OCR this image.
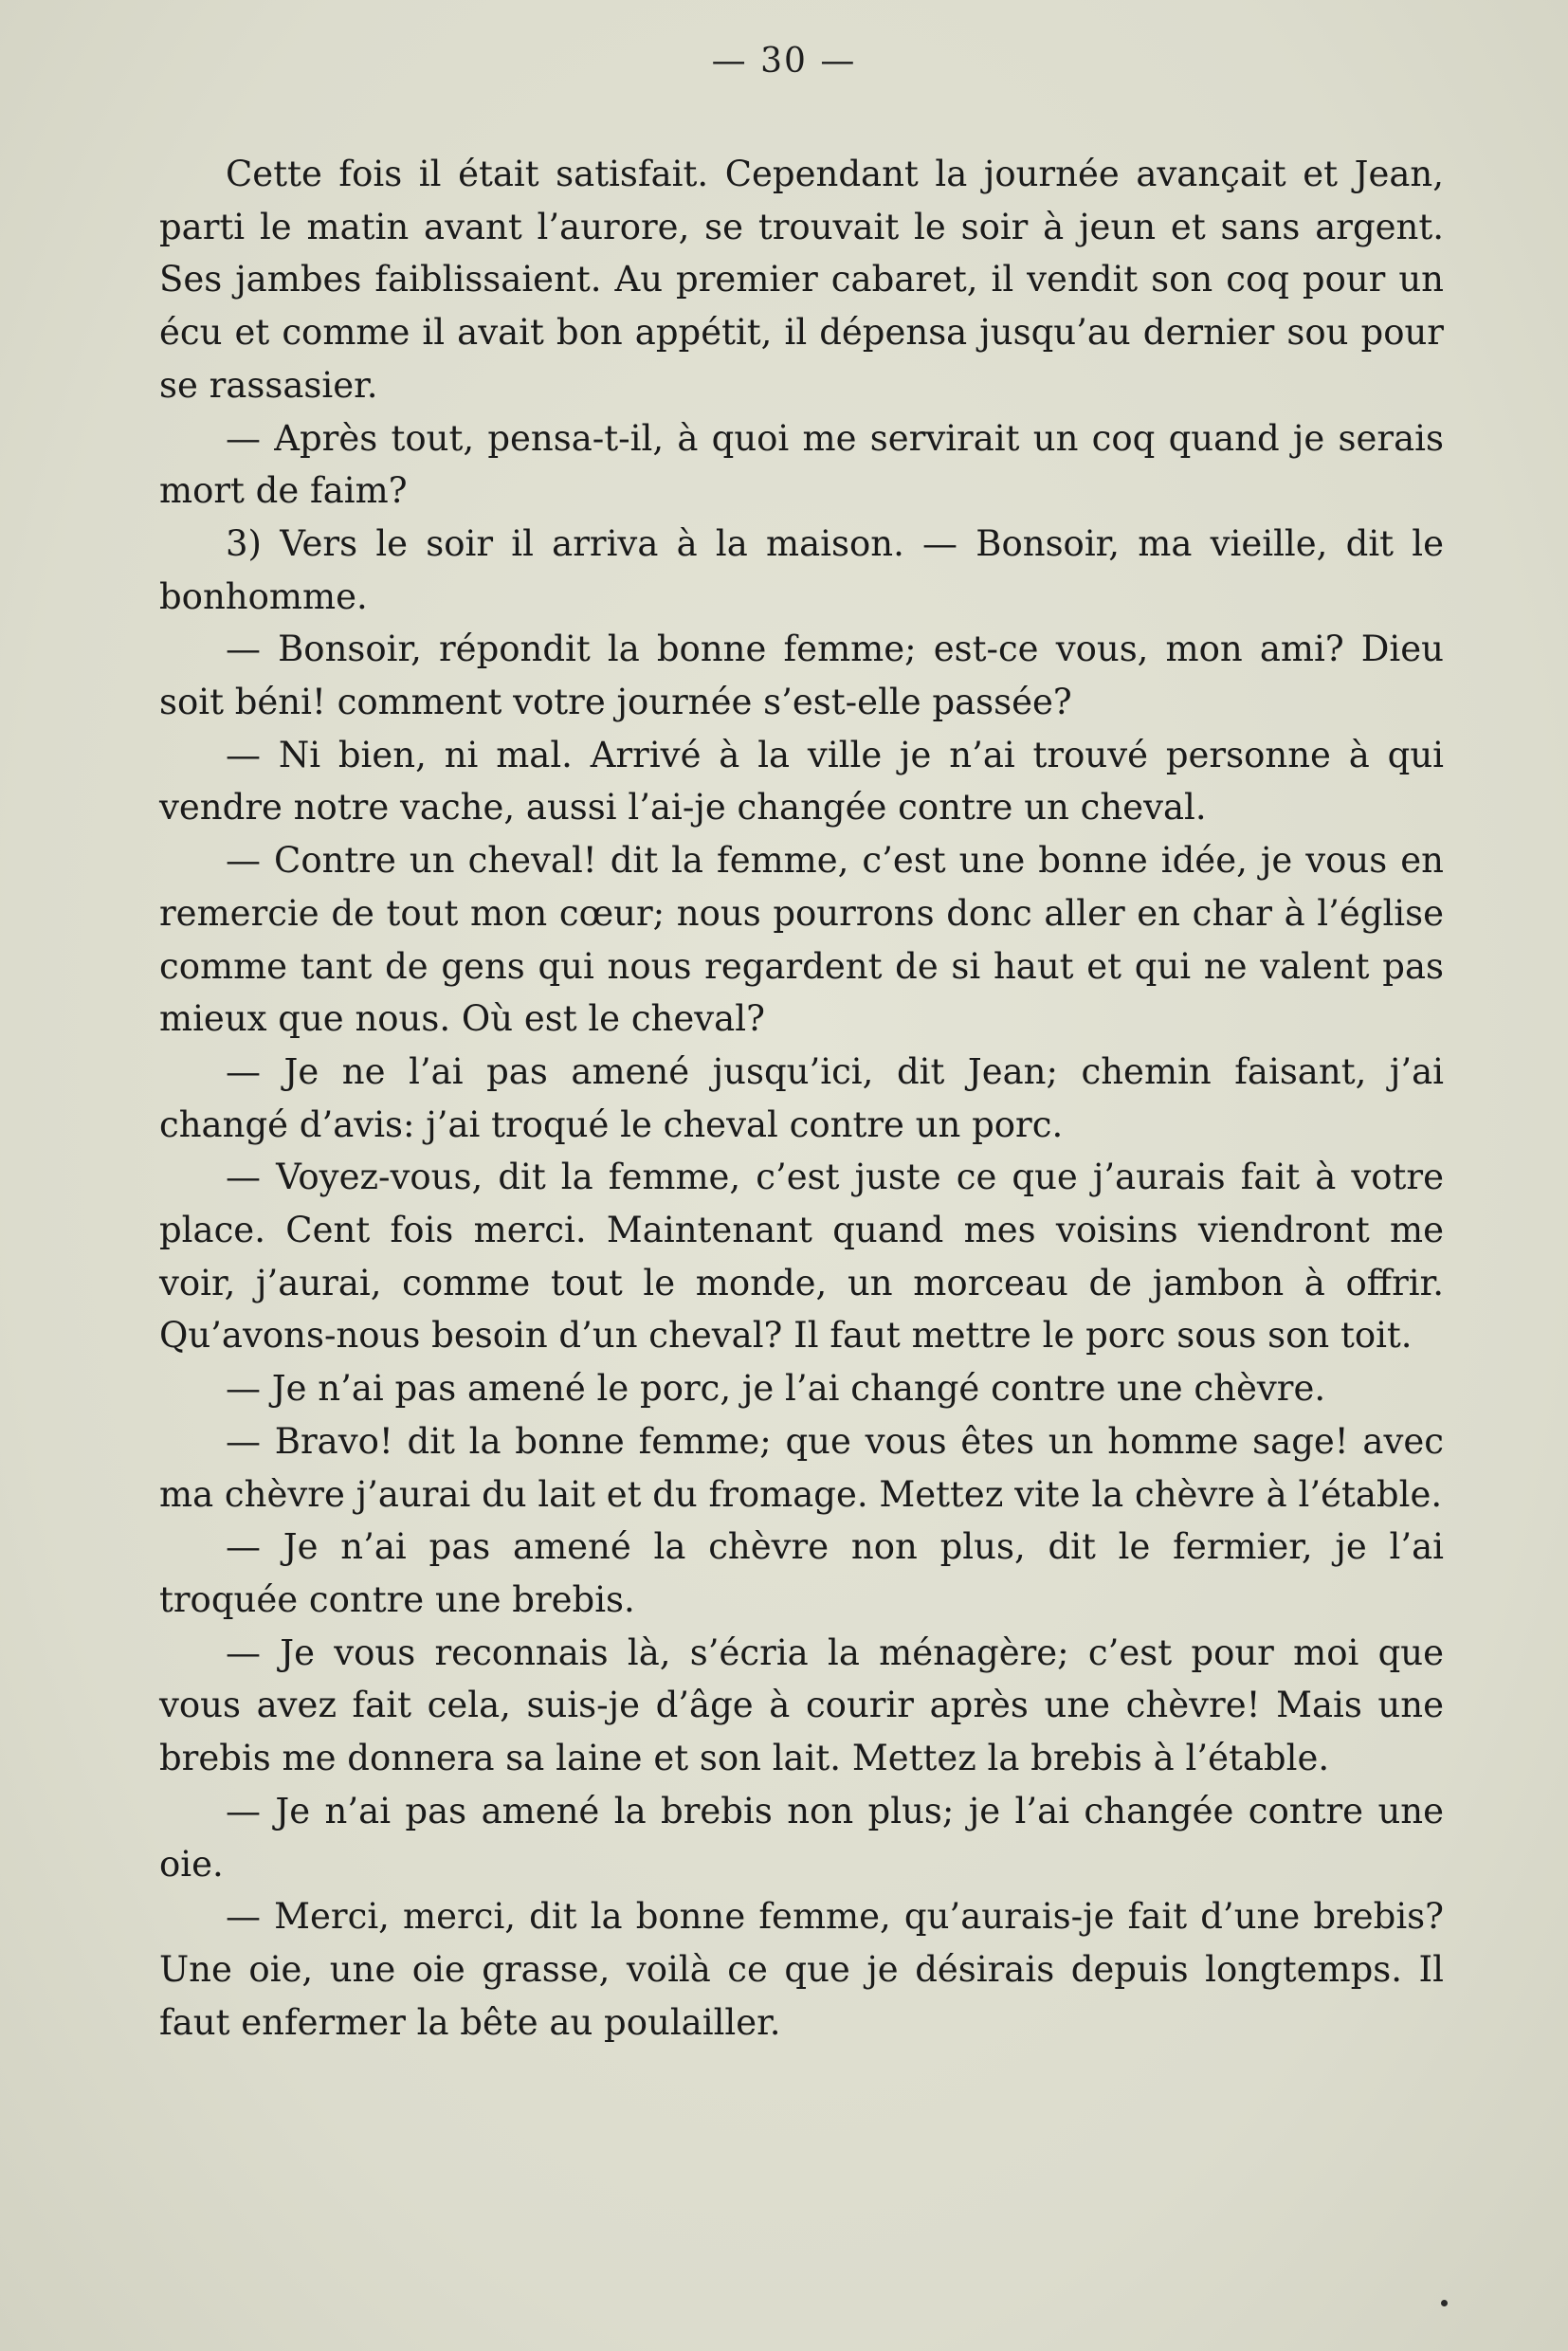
— 30 —

Cette fois il était satisfait. Cependant la journée avançait et Jean, parti le matin avant l’aurore, se trouvait le soir à jeun et sans argent. Ses jambes faiblissaient. Au premier cabaret, il vendit son coq pour un écu et comme il avait bon appétit, il dépensa jusqu’au dernier sou pour se rassasier.

— Après tout, pensa-t-il, à quoi me servirait un coq quand je serais mort de faim?

3) Vers le soir il arriva à la maison. — Bonsoir, ma vieille, dit le bonhomme.

— Bonsoir, répondit la bonne femme; est-ce vous, mon ami? Dieu soit béni! comment votre journée s’est-elle passée?

— Ni bien, ni mal. Arrivé à la ville je n’ai trouvé personne à qui vendre notre vache, aussi l’ai-je changée contre un cheval.

— Contre un cheval! dit la femme, c’est une bonne idée, je vous en remercie de tout mon cœur; nous pourrons donc aller en char à l’église comme tant de gens qui nous regardent de si haut et qui ne valent pas mieux que nous. Où est le cheval?

— Je ne l’ai pas amené jusqu’ici, dit Jean; chemin faisant, j’ai changé d’avis: j’ai troqué le cheval contre un porc.

— Voyez-vous, dit la femme, c’est juste ce que j’aurais fait à votre place. Cent fois merci. Maintenant quand mes voisins viendront me voir, j’aurai, comme tout le monde, un morceau de jambon à offrir. Qu’avons-nous besoin d’un cheval? Il faut mettre le porc sous son toit.

— Je n’ai pas amené le porc, je l’ai changé contre une chèvre.

— Bravo! dit la bonne femme; que vous êtes un homme sage! avec ma chèvre j’aurai du lait et du fromage. Mettez vite la chèvre à l’étable.

— Je n’ai pas amené la chèvre non plus, dit le fermier, je l’ai troquée contre une brebis.

— Je vous reconnais là, s’écria la ménagère; c’est pour moi que vous avez fait cela, suis-je d’âge à courir après une chèvre! Mais une brebis me donnera sa laine et son lait. Mettez la brebis à l’étable.

— Je n’ai pas amené la brebis non plus; je l’ai changée contre une oie.

— Merci, merci, dit la bonne femme, qu’aurais-je fait d’une brebis? Une oie, une oie grasse, voilà ce que je désirais depuis longtemps. Il faut enfermer la bête au poulailler.
